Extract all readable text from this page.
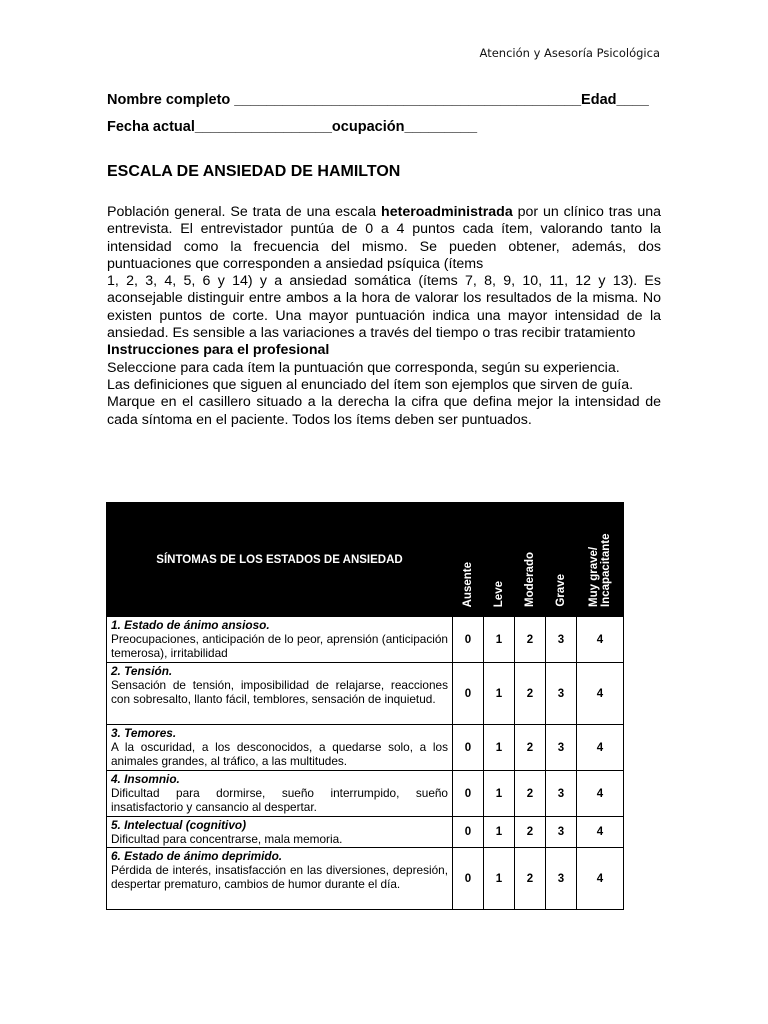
Atención y Asesoría Psicológica
Nombre completo ___________________________________________Edad____
Fecha actual_________________ocupación_________
ESCALA DE ANSIEDAD DE HAMILTON

Población general. Se trata de una escala heteroadministrada por un clínico tras una entrevista. El entrevistador puntúa de 0 a 4 puntos cada ítem, valorando tanto la intensidad como la frecuencia del mismo. Se pueden obtener, además, dos puntuaciones que corresponden a ansiedad psíquica (ítems

1, 2, 3, 4, 5, 6 y 14) y a ansiedad somática (ítems 7, 8, 9, 10, 11, 12 y 13). Es aconsejable distinguir entre ambos a la hora de valorar los resultados de la misma. No existen puntos de corte. Una mayor puntuación indica una mayor intensidad de la ansiedad. Es sensible a las variaciones a través del tiempo o tras recibir tratamiento

Instrucciones para el profesional

Seleccione para cada ítem la puntuación que corresponda, según su experiencia.

Las definiciones que siguen al enunciado del ítem son ejemplos que sirven de guía.

Marque en el casillero situado a la derecha la cifra que defina mejor la intensidad de cada síntoma en el paciente. Todos los ítems deben ser puntuados.

SÍNTOMAS DE LOS ESTADOS DE ANSIEDAD	Ausente	Leve	Moderado	Grave	Muy grave/ Incapacitante

1. Estado de ánimo ansioso.
Preocupaciones, anticipación de lo peor, aprensión (anticipación temerosa), irritabilidad	0	1	2	3	4

2. Tensión.
Sensación de tensión, imposibilidad de relajarse, reacciones con sobresalto, llanto fácil, temblores, sensación de inquietud.	0	1	2	3	4

3. Temores.
A la oscuridad, a los desconocidos, a quedarse solo, a los animales grandes, al tráfico, a las multitudes.	0	1	2	3	4

4. Insomnio.
Dificultad para dormirse, sueño interrumpido, sueño insatisfactorio y cansancio al despertar.	0	1	2	3	4

5. Intelectual (cognitivo)
Dificultad para concentrarse, mala memoria.	0	1	2	3	4

6. Estado de ánimo deprimido.
Pérdida de interés, insatisfacción en las diversiones, depresión, despertar prematuro, cambios de humor durante el día.	0	1	2	3	4
